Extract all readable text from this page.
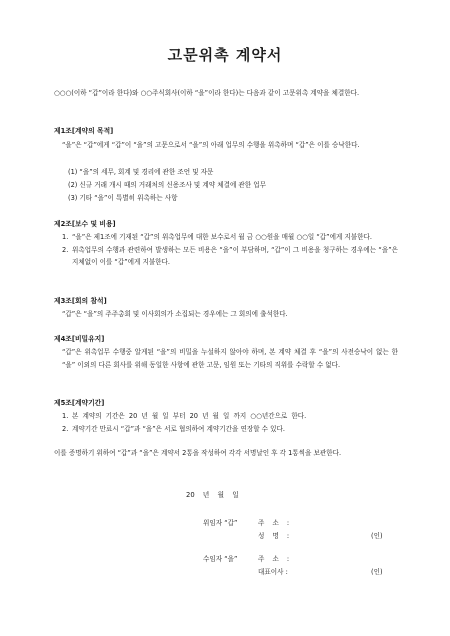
고문위촉 계약서
○○○(이하 “갑”이라 한다)와 ○○주식회사(이하 “을”이라 한다)는 다음과 같이 고문위촉 계약을 체결한다.
제1조[계약의 목적]
“을”은 “갑”에게 “갑”이 “을”의 고문으로서 “을”의 아래 업무의 수행을 위촉하며 “갑”은 이를 승낙한다.
(1) “을”의 세무, 회계 및 경리에 관한 조언 및 자문
(2) 신규 거래 개시 때의 거래처의 신용조사 및 계약 체결에 관한 업무
(3) 기타 “을”이 특별히 위촉하는 사항
제2조[보수 및 비용]
1. “을”은 제1조에 기재된 “갑”의 위촉업무에 대한 보수로서 월 금 ○○원을 매월 ○○일 “갑”에게 지불한다.
2. 위촉업무의 수행과 관련하여 발생하는 모든 비용은 “을”이 부담하며, “갑”이 그 비용을 청구하는 경우에는 “을”은 지체없이 이를 “갑”에게 지불한다.
제3조[회의 참석]
“갑”은 “을”의 주주총회 및 이사회의가 소집되는 경우에는 그 회의에 출석한다.
제4조[비밀유지]
“갑”은 위촉업무 수행중 알게된 “을”의 비밀을 누설하지 않아야 하며, 본 계약 체결 후 “을”의 사전승낙이 없는 한 “을” 이외의 다른 회사를 위해 동일한 사항에 관한 고문, 임원 또는 기타의 직위를 수락할 수 없다.
제5조[계약기간]
1. 본 계약의 기간은 20 년 월 일 부터 20 년 월 일 까지 ○○년간으로 한다.
2. 계약기간 만료시 “갑”과 “을”은 서로 협의하여 계약기간을 연장할 수 있다.
이를 증명하기 위하여 “갑”과 “을”은 계약서 2통을 작성하여 각각 서명날인 후 각 1통씩을 보관한다.
20 년 월 일
위임자 “갑”	주 소 :
성 명 :	(인)
수임자 “을”	주 소 :
대표이사 :	(인)
